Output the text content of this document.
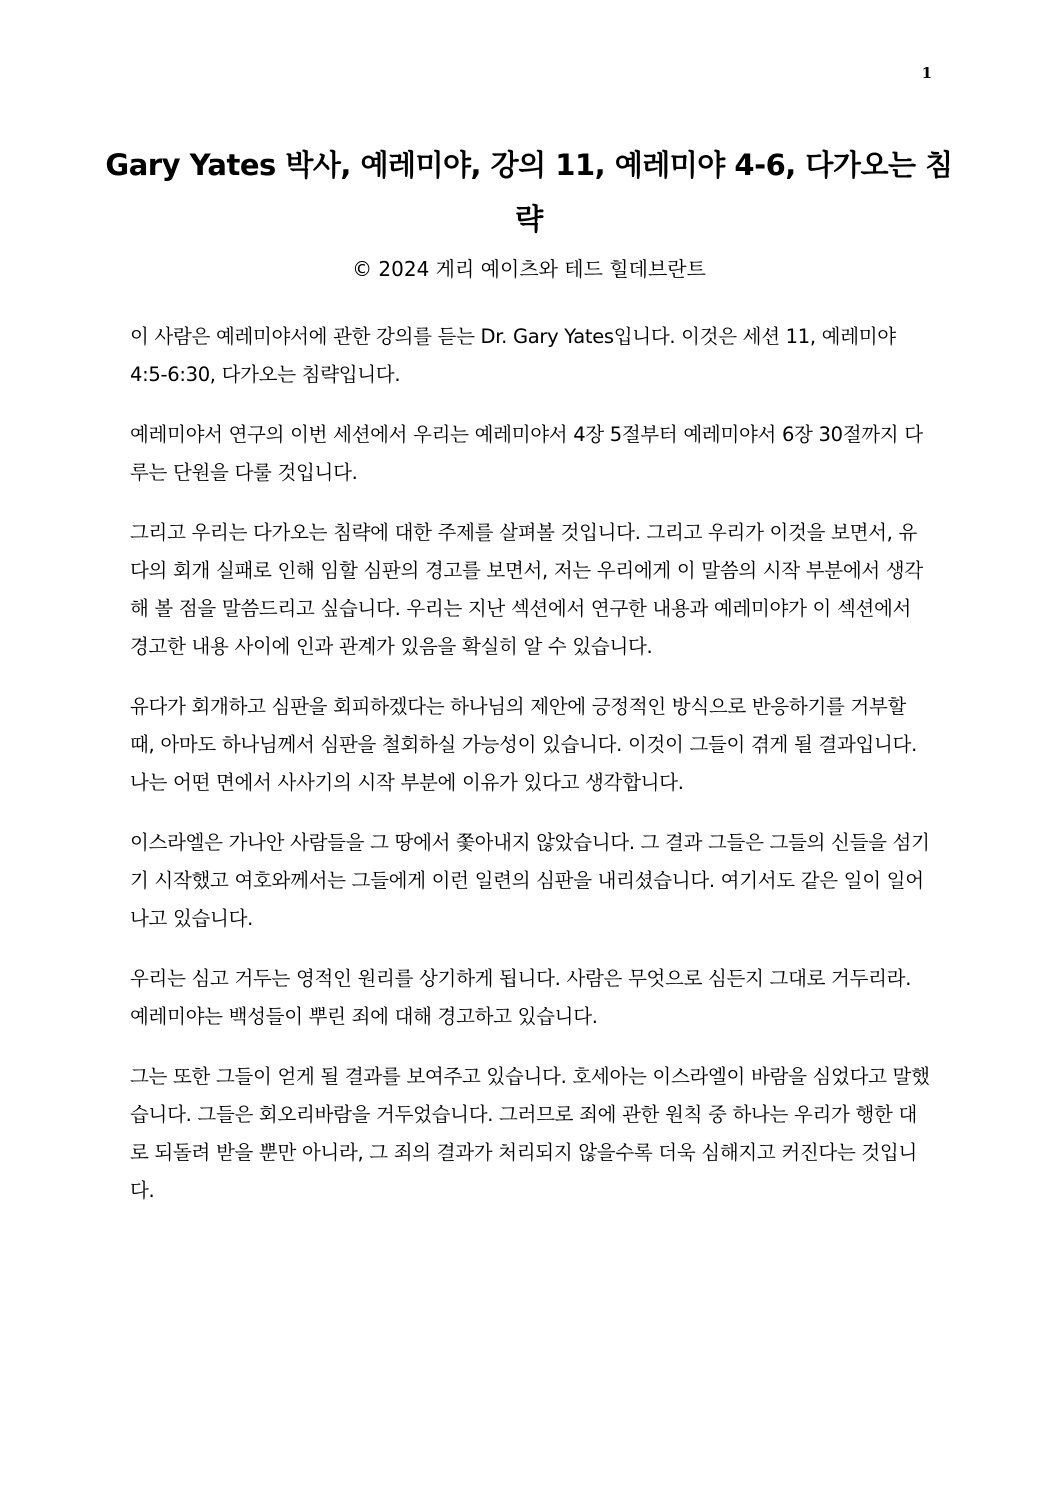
1
Gary Yates 박사, 예레미야, 강의 11, 예레미야 4-6, 다가오는 침략
© 2024 게리 예이츠와 테드 힐데브란트

이 사람은 예레미야서에 관한 강의를 듣는 Dr. Gary Yates입니다. 이것은 세션 11, 예레미야 4:5-6:30, 다가오는 침략입니다.

예레미야서 연구의 이번 세션에서 우리는 예레미야서 4장 5절부터 예레미야서 6장 30절까지 다루는 단원을 다룰 것입니다.

그리고 우리는 다가오는 침략에 대한 주제를 살펴볼 것입니다. 그리고 우리가 이것을 보면서, 유다의 회개 실패로 인해 임할 심판의 경고를 보면서, 저는 우리에게 이 말씀의 시작 부분에서 생각해 볼 점을 말씀드리고 싶습니다. 우리는 지난 섹션에서 연구한 내용과 예레미야가 이 섹션에서 경고한 내용 사이에 인과 관계가 있음을 확실히 알 수 있습니다.

유다가 회개하고 심판을 회피하겠다는 하나님의 제안에 긍정적인 방식으로 반응하기를 거부할 때, 아마도 하나님께서 심판을 철회하실 가능성이 있습니다. 이것이 그들이 겪게 될 결과입니다. 나는 어떤 면에서 사사기의 시작 부분에 이유가 있다고 생각합니다.

이스라엘은 가나안 사람들을 그 땅에서 쫓아내지 않았습니다. 그 결과 그들은 그들의 신들을 섬기기 시작했고 여호와께서는 그들에게 이런 일련의 심판을 내리셨습니다. 여기서도 같은 일이 일어나고 있습니다.

우리는 심고 거두는 영적인 원리를 상기하게 됩니다. 사람은 무엇으로 심든지 그대로 거두리라. 예레미야는 백성들이 뿌린 죄에 대해 경고하고 있습니다.

그는 또한 그들이 얻게 될 결과를 보여주고 있습니다. 호세아는 이스라엘이 바람을 심었다고 말했습니다. 그들은 회오리바람을 거두었습니다. 그러므로 죄에 관한 원칙 중 하나는 우리가 행한 대로 되돌려 받을 뿐만 아니라, 그 죄의 결과가 처리되지 않을수록 더욱 심해지고 커진다는 것입니다.
